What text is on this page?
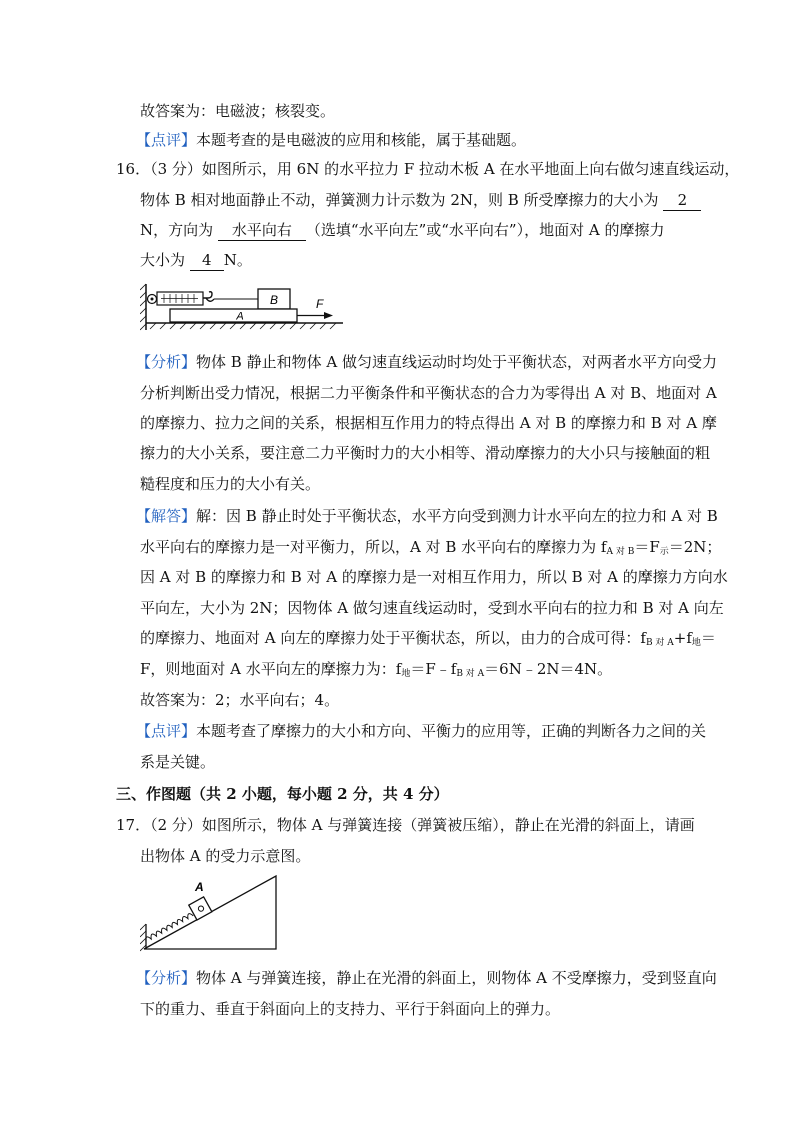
故答案为：电磁波；核裂变。
【点评】本题考查的是电磁波的应用和核能，属于基础题。
16．（3 分）如图所示，用 6N 的水平拉力 F 拉动木板 A 在水平地面上向右做匀速直线运动，
物体 B 相对地面静止不动，弹簧测力计示数为 2N，则 B 所受摩擦力的大小为 2
N，方向为 水平向右 （选填“水平向左”或“水平向右”），地面对 A 的摩擦力
大小为 4 N。
B
A
F
【分析】物体 B 静止和物体 A 做匀速直线运动时均处于平衡状态，对两者水平方向受力
分析判断出受力情况，根据二力平衡条件和平衡状态的合力为零得出 A 对 B、地面对 A
的摩擦力、拉力之间的关系，根据相互作用力的特点得出 A 对 B 的摩擦力和 B 对 A 摩
擦力的大小关系，要注意二力平衡时力的大小相等、滑动摩擦力的大小只与接触面的粗
糙程度和压力的大小有关。
【解答】解：因 B 静止时处于平衡状态，水平方向受到测力计水平向左的拉力和 A 对 B
水平向右的摩擦力是一对平衡力，所以，A 对 B 水平向右的摩擦力为 $f_{A 对 B}=F_示=2N$；
因 A 对 B 的摩擦力和 B 对 A 的摩擦力是一对相互作用力，所以 B 对 A 的摩擦力方向水
平向左，大小为 2N；因物体 A 做匀速直线运动时，受到水平向右的拉力和 B 对 A 向左
的摩擦力、地面对 A 向左的摩擦力处于平衡状态，所以，由力的合成可得：$f_{B 对 A}+f_地=$
F，则地面对 A 水平向左的摩擦力为：$f_地=F﹣f_{B 对 A}=6N﹣2N=4N$。
故答案为：2；水平向右；4。
【点评】本题考查了摩擦力的大小和方向、平衡力的应用等，正确的判断各力之间的关
系是关键。
三、作图题（共 2 小题，每小题 2 分，共 4 分）
17．（2 分）如图所示，物体 A 与弹簧连接（弹簧被压缩），静止在光滑的斜面上，请画
出物体 A 的受力示意图。
A
【分析】物体 A 与弹簧连接，静止在光滑的斜面上，则物体 A 不受摩擦力，受到竖直向
下的重力、垂直于斜面向上的支持力、平行于斜面向上的弹力。
